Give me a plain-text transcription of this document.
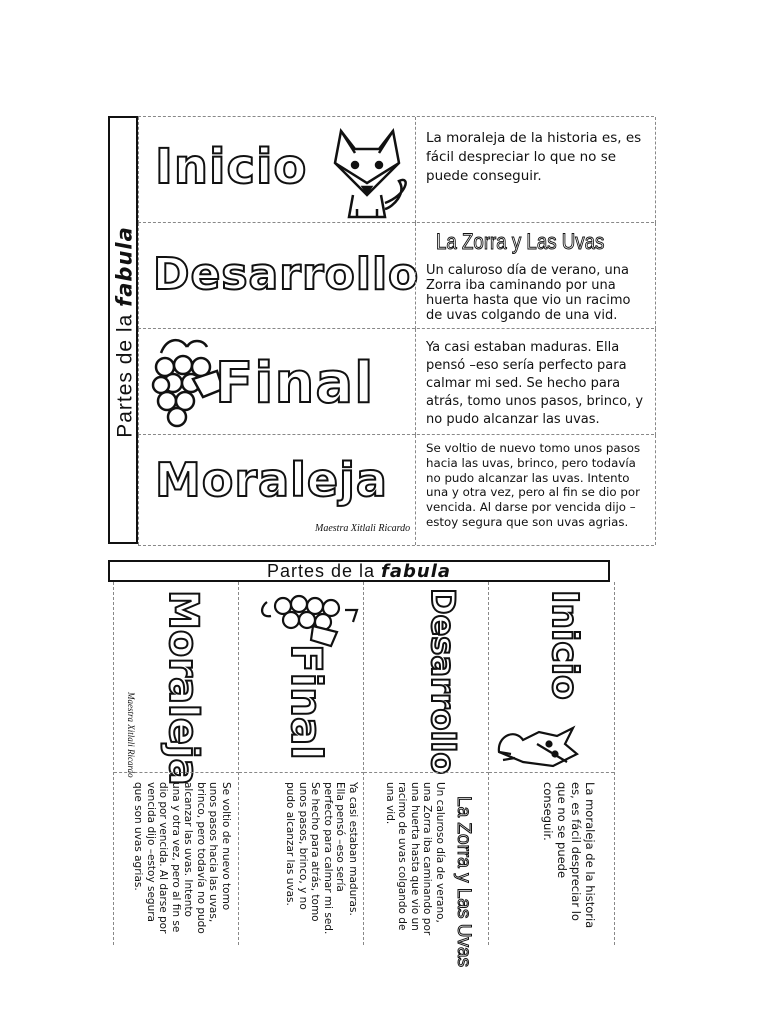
Partes de la fabula
Inicio
La moraleja de la historia es, es fácil despreciar lo que no se puede conseguir.
Desarrollo
La Zorra y Las Uvas
Un caluroso día de verano, una Zorra iba caminando por una huerta hasta que vio un racimo de uvas colgando de una vid.
Final
Ya casi estaban maduras. Ella pensó –eso sería perfecto para calmar mi sed. Se hecho para atrás, tomo unos pasos, brinco, y no pudo alcanzar las uvas.
Moraleja
Maestra Xitlali Ricardo
Se voltio de nuevo tomo unos pasos hacia las uvas, brinco, pero todavía no pudo alcanzar las uvas. Intento una y otra vez, pero al fin se dio por vencida. Al darse por vencida dijo –estoy segura que son uvas agrias.
Partes de la fabula
Moraleja
Maestra Xitlali Ricardo
Se voltio de nuevo tomo unos pasos hacia las uvas, brinco, pero todavía no pudo alcanzar las uvas. Intento una y otra vez, pero al fin se dio por vencida. Al darse por vencida dijo –estoy segura que son uvas agrias.
Final
Ya casi estaban maduras. Ella pensó –eso sería perfecto para calmar mi sed. Se hecho para atrás, tomo unos pasos, brinco, y no pudo alcanzar las uvas.
Desarrollo
La Zorra y Las Uvas
Un caluroso día de verano, una Zorra iba caminando por una huerta hasta que vio un racimo de uvas colgando de una vid.
Inicio
La moraleja de la historia es, es fácil despreciar lo que no se puede conseguir.
